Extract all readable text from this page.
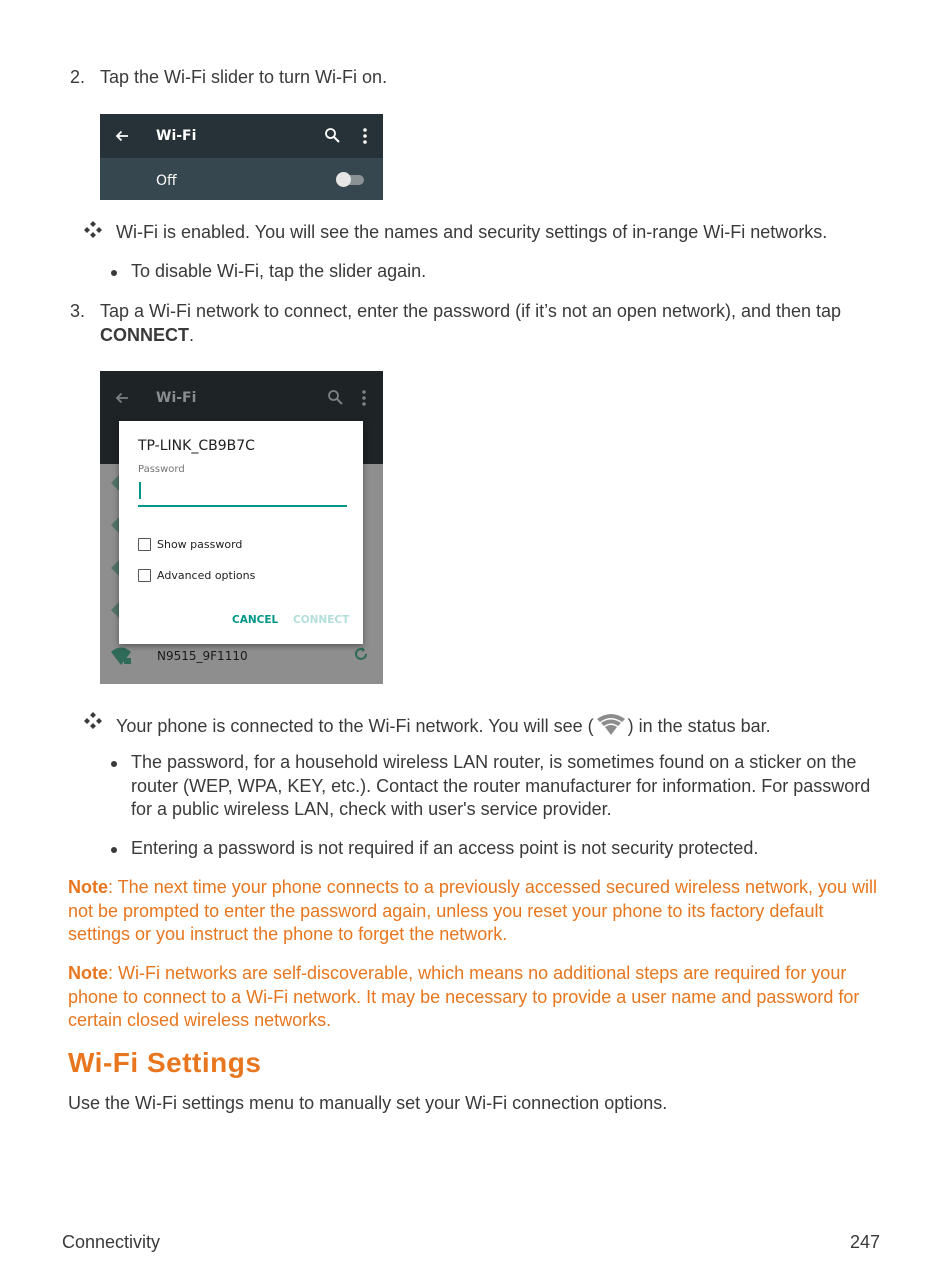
2. Tap the Wi-Fi slider to turn Wi-Fi on.
Wi-Fi
Off
Wi-Fi is enabled. You will see the names and security settings of in-range Wi-Fi networks.
To disable Wi-Fi, tap the slider again.
3. Tap a Wi-Fi network to connect, enter the password (if it’s not an open network), and then tap CONNECT.
Wi-Fi
N9515_9F1110
TP-LINK_CB9B7C
Password
Show password
Advanced options
CANCEL CONNECT
Your phone is connected to the Wi-Fi network. You will see ( ) in the status bar.
The password, for a household wireless LAN router, is sometimes found on a sticker on the router (WEP, WPA, KEY, etc.). Contact the router manufacturer for information. For password for a public wireless LAN, check with user's service provider.
Entering a password is not required if an access point is not security protected.
Note: The next time your phone connects to a previously accessed secured wireless network, you will not be prompted to enter the password again, unless you reset your phone to its factory default settings or you instruct the phone to forget the network.
Note: Wi-Fi networks are self-discoverable, which means no additional steps are required for your phone to connect to a Wi-Fi network. It may be necessary to provide a user name and password for certain closed wireless networks.
Wi-Fi Settings
Use the Wi-Fi settings menu to manually set your Wi-Fi connection options.
Connectivity	247
